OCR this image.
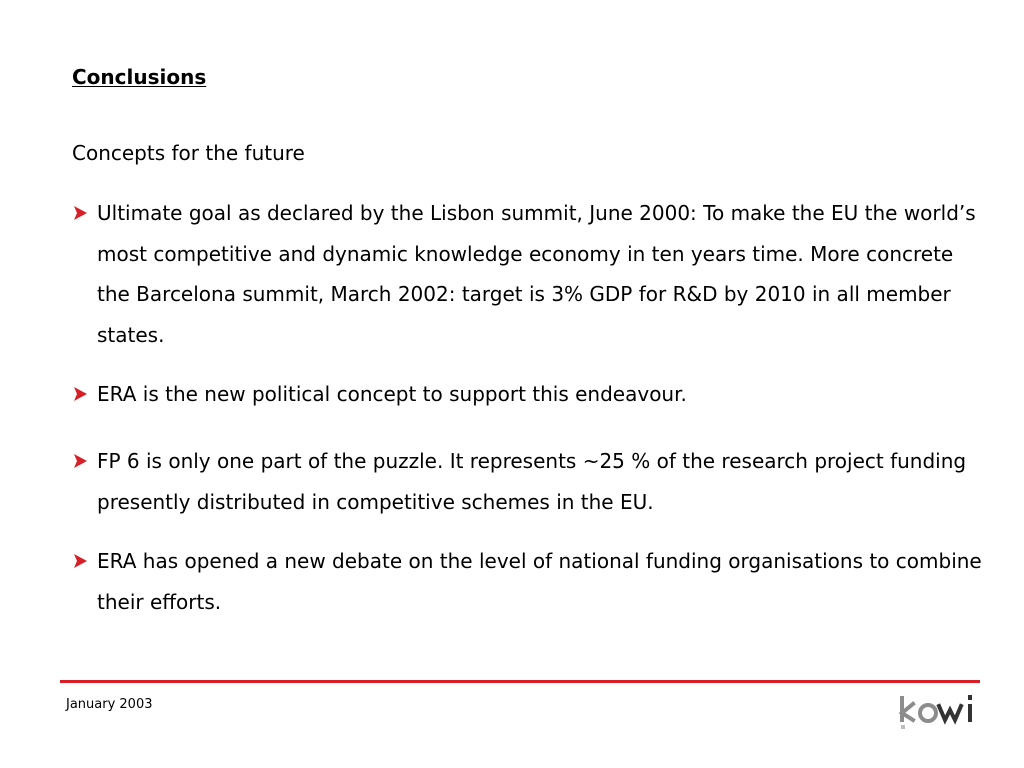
Conclusions

Concepts for the future

Ultimate goal as declared by the Lisbon summit, June 2000: To make the EU the world’s most competitive and dynamic knowledge economy in ten years time. More concrete the Barcelona summit, March 2002: target is 3% GDP for R&D by 2010 in all member states.
ERA is the new political concept to support this endeavour.
FP 6 is only one part of the puzzle. It represents ~25 % of the research project funding presently distributed in competitive schemes in the EU.
ERA has opened a new debate on the level of national funding organisations to combine their efforts.
January 2003
